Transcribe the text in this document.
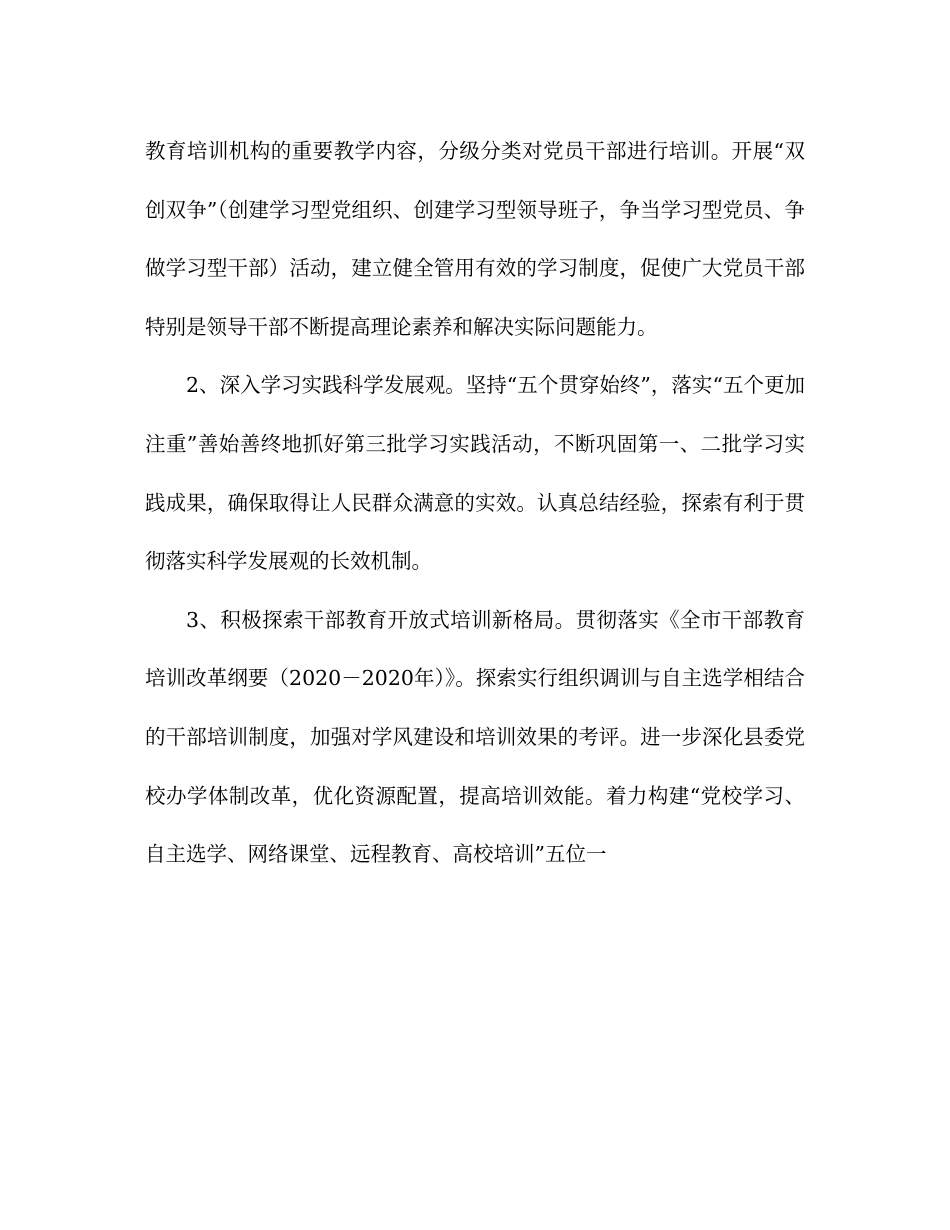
教育培训机构的重要教学内容，分级分类对党员干部进行培训。开展“双创双争”（创建学习型党组织、创建学习型领导班子，争当学习型党员、争做学习型干部）活动，建立健全管用有效的学习制度，促使广大党员干部特别是领导干部不断提高理论素养和解决实际问题能力。

2、深入学习实践科学发展观。坚持“五个贯穿始终”，落实“五个更加注重”善始善终地抓好第三批学习实践活动，不断巩固第一、二批学习实践成果，确保取得让人民群众满意的实效。认真总结经验，探索有利于贯彻落实科学发展观的长效机制。

3、积极探索干部教育开放式培训新格局。贯彻落实《全市干部教育培训改革纲要（2020－2020年）》。探索实行组织调训与自主选学相结合的干部培训制度，加强对学风建设和培训效果的考评。进一步深化县委党校办学体制改革，优化资源配置，提高培训效能。着力构建“党校学习、自主选学、网络课堂、远程教育、高校培训”五位一
